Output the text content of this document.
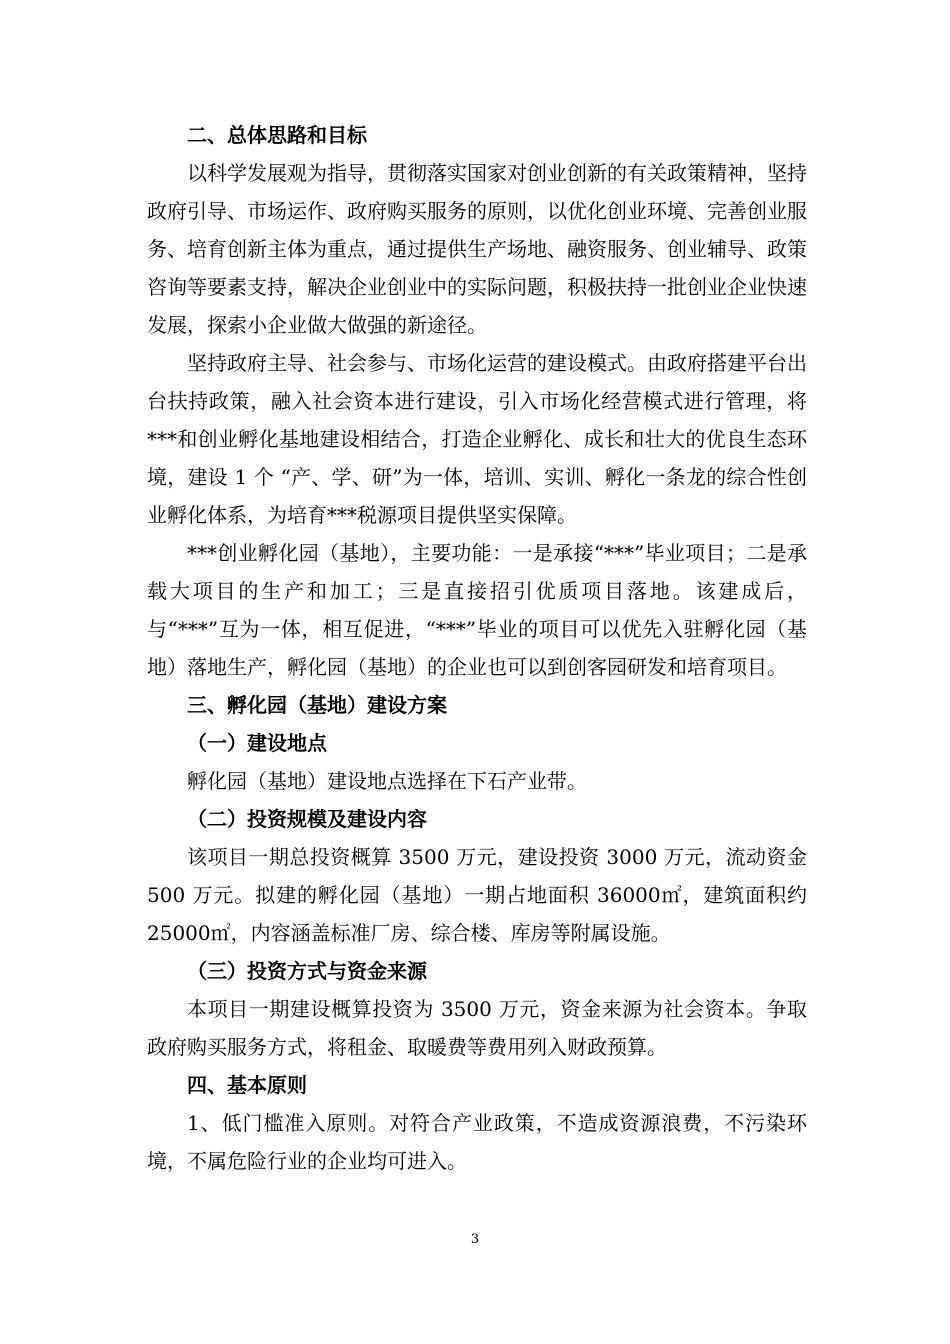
二、总体思路和目标

以科学发展观为指导，贯彻落实国家对创业创新的有关政策精神，坚持政府引导、市场运作、政府购买服务的原则，以优化创业环境、完善创业服务、培育创新主体为重点，通过提供生产场地、融资服务、创业辅导、政策咨询等要素支持，解决企业创业中的实际问题，积极扶持一批创业企业快速发展，探索小企业做大做强的新途径。

坚持政府主导、社会参与、市场化运营的建设模式。由政府搭建平台出台扶持政策，融入社会资本进行建设，引入市场化经营模式进行管理，将***和创业孵化基地建设相结合，打造企业孵化、成长和壮大的优良生态环境，建设 1 个 “产、学、研”为一体，培训、实训、孵化一条龙的综合性创业孵化体系，为培育***税源项目提供坚实保障。

***创业孵化园（基地），主要功能：一是承接“***”毕业项目；二是承载大项目的生产和加工；三是直接招引优质项目落地。该建成后，与“***”互为一体，相互促进，“***”毕业的项目可以优先入驻孵化园（基地）落地生产，孵化园（基地）的企业也可以到创客园研发和培育项目。

三、孵化园（基地）建设方案

（一）建设地点

孵化园（基地）建设地点选择在下石产业带。

（二）投资规模及建设内容

该项目一期总投资概算 3500 万元，建设投资 3000 万元，流动资金 500 万元。拟建的孵化园（基地）一期占地面积 36000㎡，建筑面积约 25000㎡，内容涵盖标准厂房、综合楼、库房等附属设施。

（三）投资方式与资金来源

本项目一期建设概算投资为 3500 万元，资金来源为社会资本。争取政府购买服务方式，将租金、取暖费等费用列入财政预算。

四、基本原则

1、低门槛准入原则。对符合产业政策，不造成资源浪费，不污染环境，不属危险行业的企业均可进入。

3
